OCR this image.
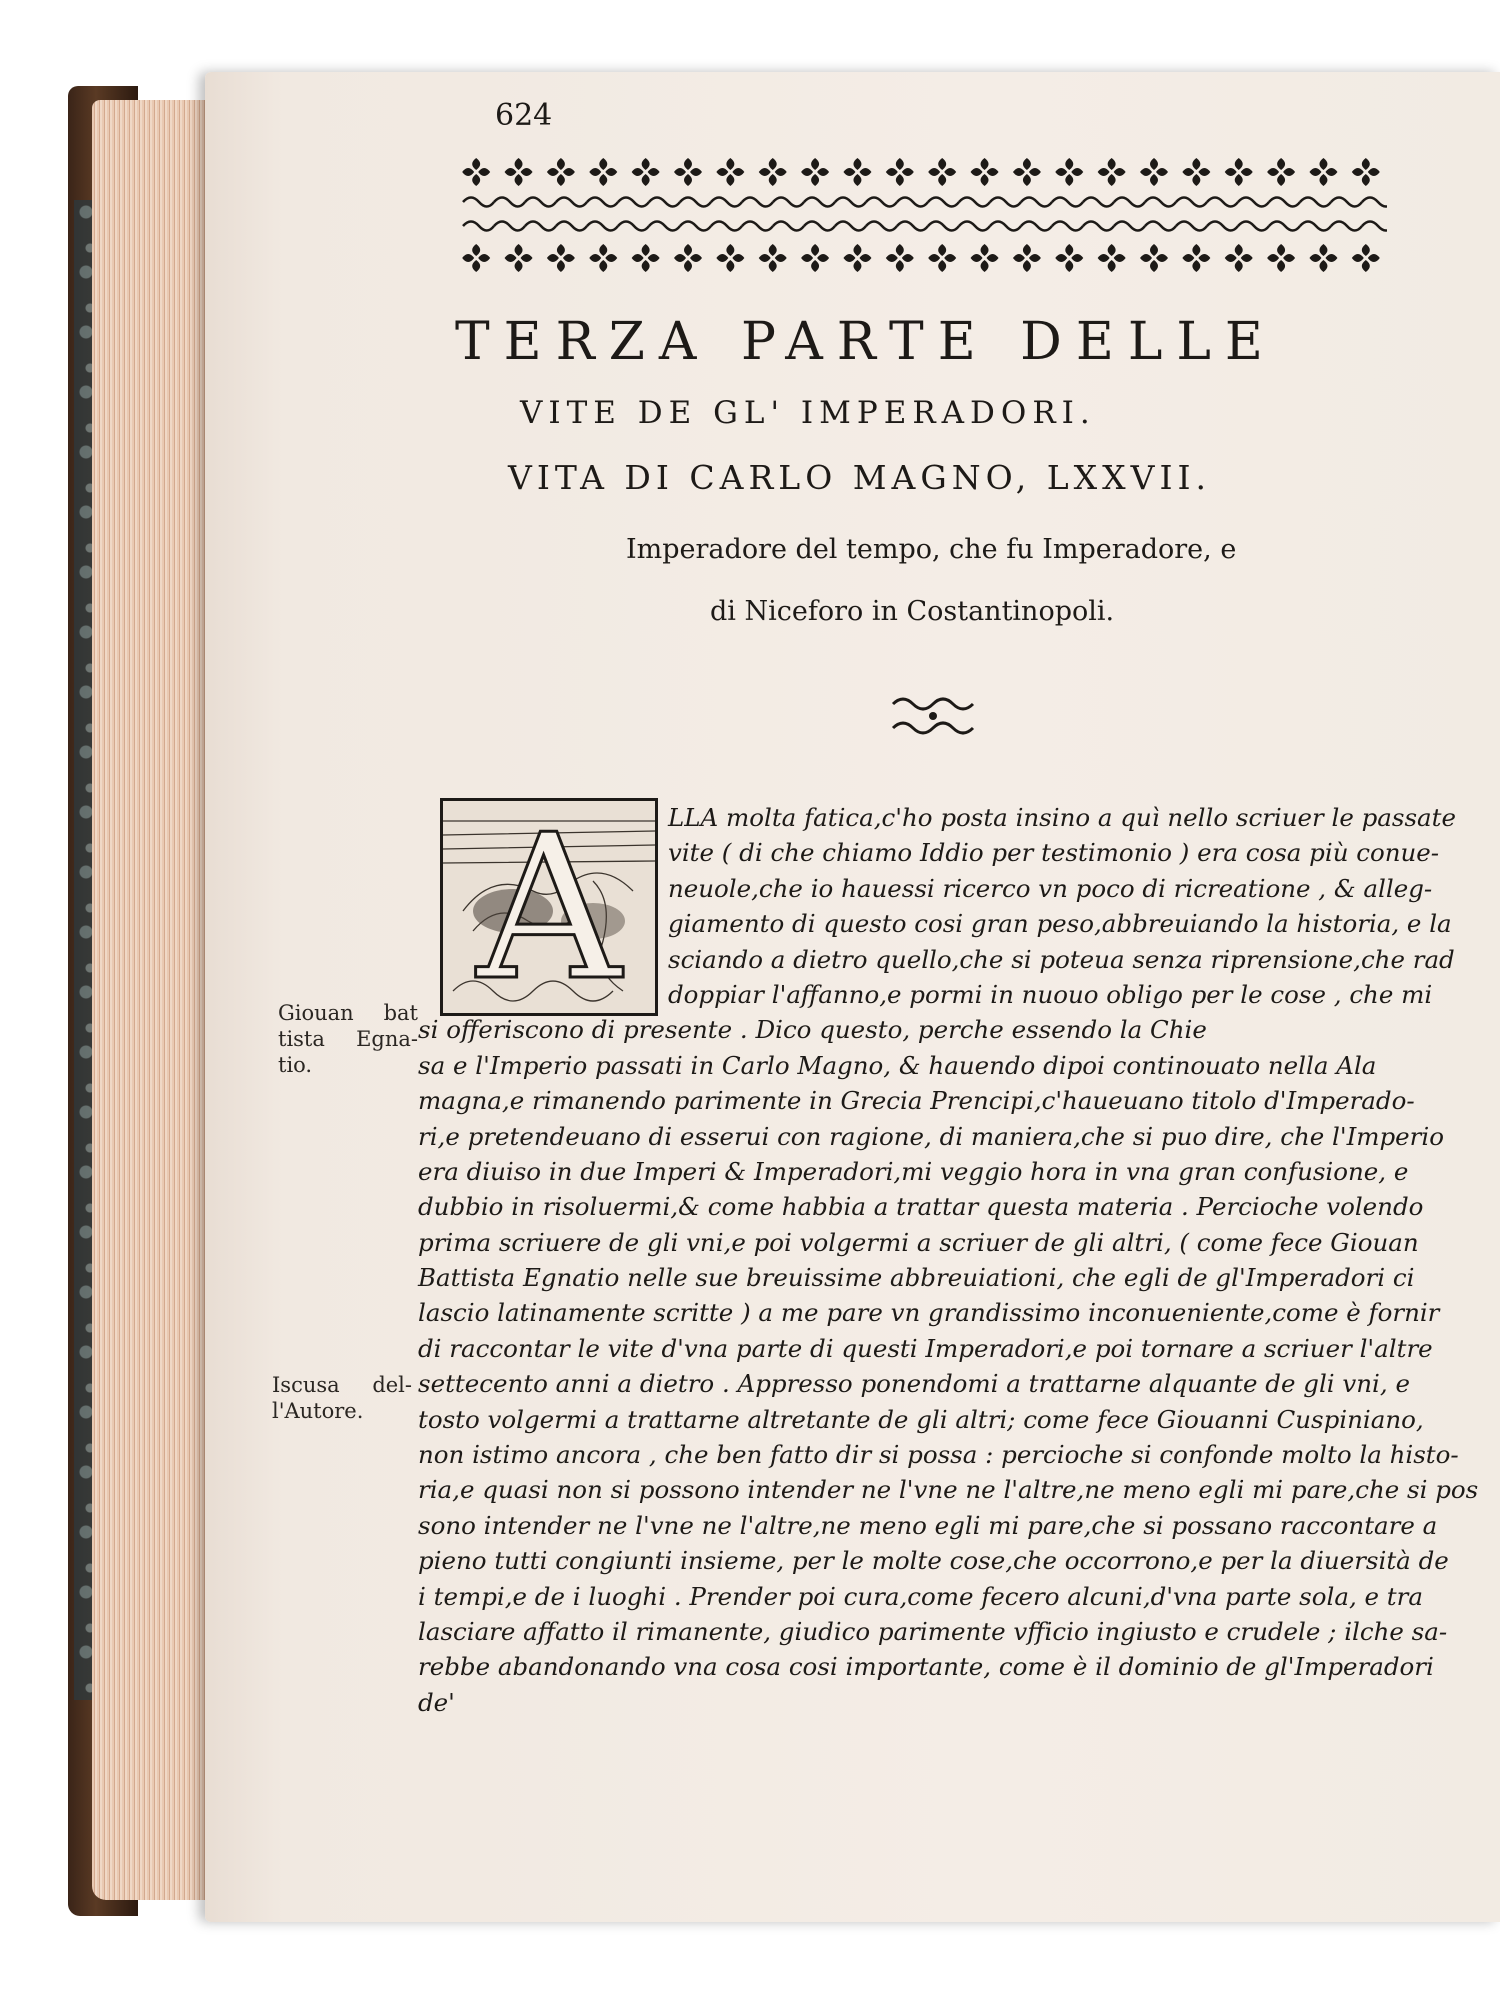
624
TERZA PARTE DELLE
VITE DE GL' IMPERADORI.
VITA DI CARLO MAGNO, LXXVII.
Imperadore del tempo, che fu Imperadore, e
di Niceforo in Costantinopoli.
A	LLA molta fatica,c'ho posta insino a quì nello scriuer le passate
vite ( di che chiamo Iddio per testimonio ) era cosa più conue-
neuole,che io hauessi ricerco vn poco di ricreatione , & alleg-
giamento di questo cosi gran peso,abbreuiando la historia, e la
sciando a dietro quello,che si poteua senza riprensione,che rad
doppiar l'affanno,e pormi in nuouo obligo per le cose , che mi
si offeriscono di presente . Dico questo, perche essendo la Chie
sa e l'Imperio passati in Carlo Magno, & hauendo dipoi continouato nella Ala
magna,e rimanendo parimente in Grecia Prencipi,c'haueuano titolo d'Imperado-
ri,e pretendeuano di esserui con ragione, di maniera,che si puo dire, che l'Imperio
era diuiso in due Imperi & Imperadori,mi veggio hora in vna gran confusione, e
dubbio in risoluermi,& come habbia a trattar questa materia . Percioche volendo
prima scriuere de gli vni,e poi volgermi a scriuer de gli altri, ( come fece Giouan
Battista Egnatio nelle sue breuissime abbreuiationi, che egli de gl'Imperadori ci
lascio latinamente scritte ) a me pare vn grandissimo inconueniente,come è fornir
di raccontar le vite d'vna parte di questi Imperadori,e poi tornare a scriuer l'altre
settecento anni a dietro . Appresso ponendomi a trattarne alquante de gli vni, e
tosto volgermi a trattarne altretante de gli altri; come fece Giouanni Cuspiniano,
non istimo ancora , che ben fatto dir si possa : percioche si confonde molto la histo-
ria,e quasi non si possono intender ne l'vne ne l'altre,ne meno egli mi pare,che si pos
sono intender ne l'vne ne l'altre,ne meno egli mi pare,che si possano raccontare a
pieno tutti congiunti insieme, per le molte cose,che occorrono,e per la diuersità de
i tempi,e de i luoghi . Prender poi cura,come fecero alcuni,d'vna parte sola, e tra
lasciare affatto il rimanente, giudico parimente vfficio ingiusto e crudele ; ilche sa-
rebbe abandonando vna cosa cosi importante, come è il dominio de gl'Imperadori
de'
Giouan bat
tista Egna-
tio.
Iscusa del-
l'Autore.
